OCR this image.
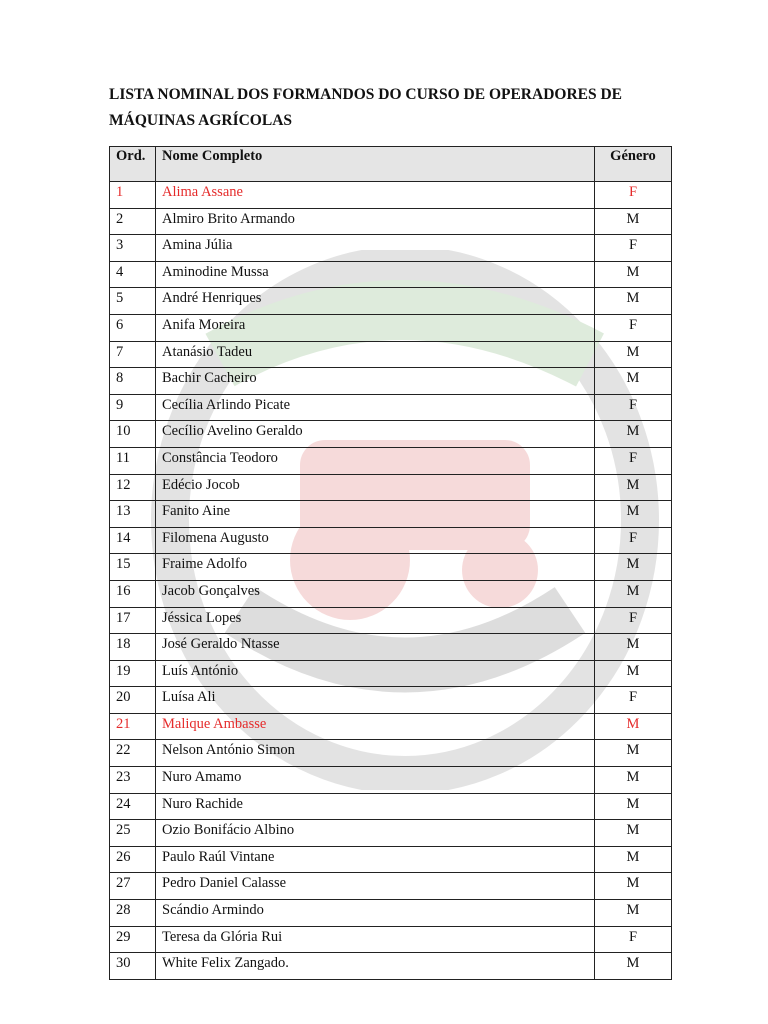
LISTA NOMINAL DOS FORMANDOS DO CURSO DE OPERADORES DE MÁQUINAS AGRÍCOLAS
Ord.	Nome Completo	Género
1	Alima Assane	F
2	Almiro Brito Armando	M
3	Amina Júlia	F
4	Aminodine Mussa	M
5	André Henriques	M
6	Anifa Moreira	F
7	Atanásio Tadeu	M
8	Bachir Cacheiro	M
9	Cecília Arlindo Picate	F
10	Cecílio Avelino Geraldo	M
11	Constância Teodoro	F
12	Edécio Jocob	M
13	Fanito Aine	M
14	Filomena Augusto	F
15	Fraime Adolfo	M
16	Jacob Gonçalves	M
17	Jéssica Lopes	F
18	José Geraldo Ntasse	M
19	Luís António	M
20	Luísa Ali	F
21	Malique Ambasse	M
22	Nelson António Simon	M
23	Nuro Amamo	M
24	Nuro Rachide	M
25	Ozio Bonifácio Albino	M
26	Paulo Raúl Vintane	M
27	Pedro Daniel Calasse	M
28	Scándio Armindo	M
29	Teresa da Glória Rui	F
30	White Felix Zangado.	M
